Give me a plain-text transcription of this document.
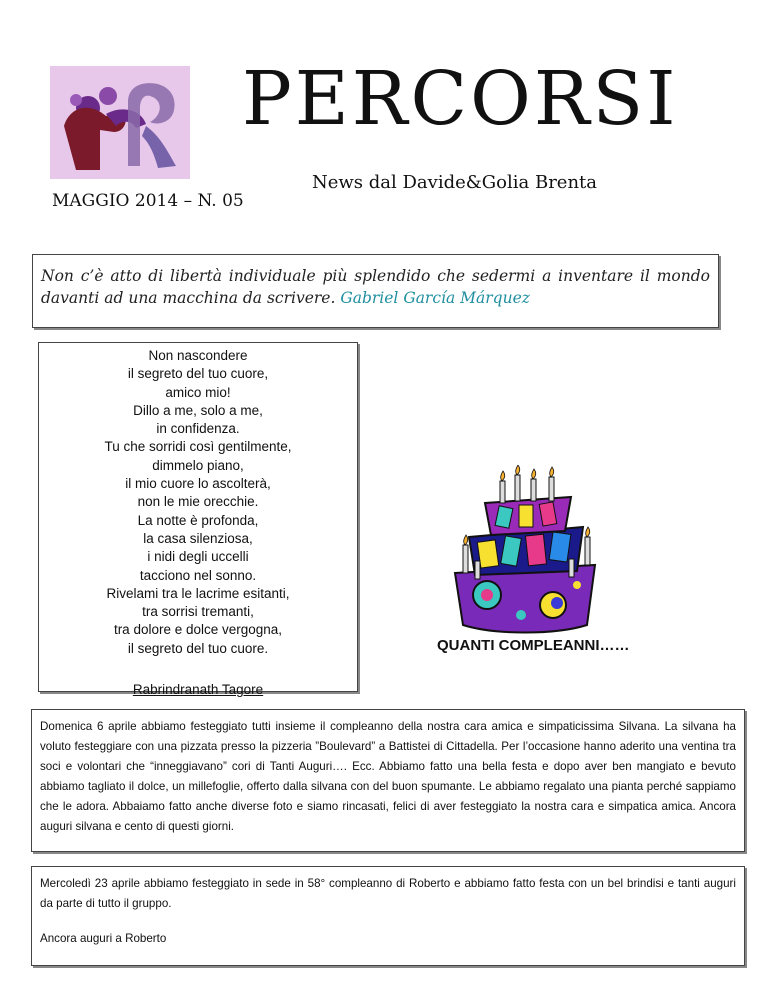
PERCORSI
MAGGIO 2014 – N. 05
News dal Davide&Golia Brenta
Non c’è atto di libertà individuale più splendido che sedermi a inventare il mondo davanti ad una macchina da scrivere. Gabriel García Márquez
Non nascondere
il segreto del tuo cuore,
amico mio!
Dillo a me, solo a me,
in confidenza.
Tu che sorridi così gentilmente,
dimmelo piano,
il mio cuore lo ascolterà,
non le mie orecchie.
La notte è profonda,
la casa silenziosa,
i nidi degli uccelli
tacciono nel sonno.
Rivelami tra le lacrime esitanti,
tra sorrisi tremanti,
tra dolore e dolce vergogna,
il segreto del tuo cuore.
Rabrindranath Tagore
QUANTI COMPLEANNI……
Domenica 6 aprile abbiamo festeggiato tutti insieme il compleanno della nostra cara amica e simpaticissima Silvana. La silvana ha voluto festeggiare con una pizzata presso la pizzeria ”Boulevard” a Battistei di Cittadella. Per l’occasione hanno aderito una ventina tra soci e volontari che “inneggiavano” cori di Tanti Auguri…. Ecc. Abbiamo fatto una bella festa e dopo aver ben mangiato e bevuto abbiamo tagliato il dolce, un millefoglie, offerto dalla silvana con del buon spumante. Le abbiamo regalato una pianta perché sappiamo che le adora. Abbaiamo fatto anche diverse foto e siamo rincasati, felici di aver festeggiato la nostra cara e simpatica amica. Ancora auguri silvana e cento di questi giorni.
Mercoledì 23 aprile abbiamo festeggiato in sede in 58° compleanno di Roberto e abbiamo fatto festa con un bel brindisi e tanti auguri da parte di tutto il gruppo.
Ancora auguri a Roberto
